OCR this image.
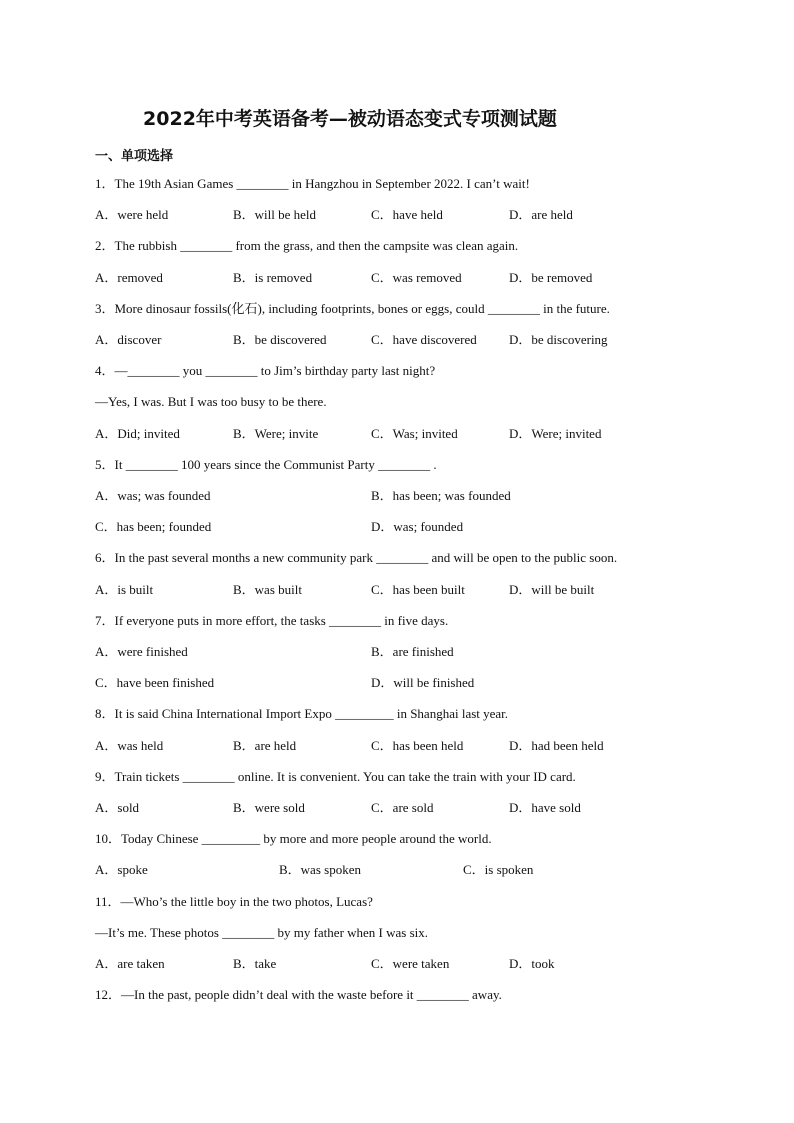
2022年中考英语备考—被动语态变式专项测试题
一、单项选择
1．The 19th Asian Games ________ in Hangzhou in September 2022. I can’t wait!
A．were held	B．will be held	C．have held	D．are held
2．The rubbish ________ from the grass, and then the campsite was clean again.
A．removed	B．is removed	C．was removed	D．be removed
3．More dinosaur fossils(化石), including footprints, bones or eggs, could ________ in the future.
A．discover	B．be discovered	C．have discovered D．be discovering
4．—________ you ________ to Jim’s birthday party last night?
—Yes, I was. But I was too busy to be there.
A．Did; invited	B．Were; invite	C．Was; invited	D．Were; invited
5．It ________ 100 years since the Communist Party ________ .
A．was; was founded	B．has been; was founded
C．has been; founded	D．was; founded
6．In the past several months a new community park ________ and will be open to the public soon.
A．is built	B．was built	C．has been built	D．will be built
7．If everyone puts in more effort, the tasks ________ in five days.
A．were finished	B．are finished
C．have been finished	D．will be finished
8．It is said China International Import Expo _________ in Shanghai last year.
A．was held	B．are held	C．has been held	D．had been held
9．Train tickets ________ online. It is convenient. You can take the train with your ID card.
A．sold	B．were sold	C．are sold	D．have sold
10．Today Chinese _________ by more and more people around the world.
A．spoke	B．was spoken	C．is spoken
11．—Who’s the little boy in the two photos, Lucas?
—It’s me. These photos ________ by my father when I was six.
A．are taken	B．take	C．were taken	D．took
12．—In the past, people didn’t deal with the waste before it ________ away.
